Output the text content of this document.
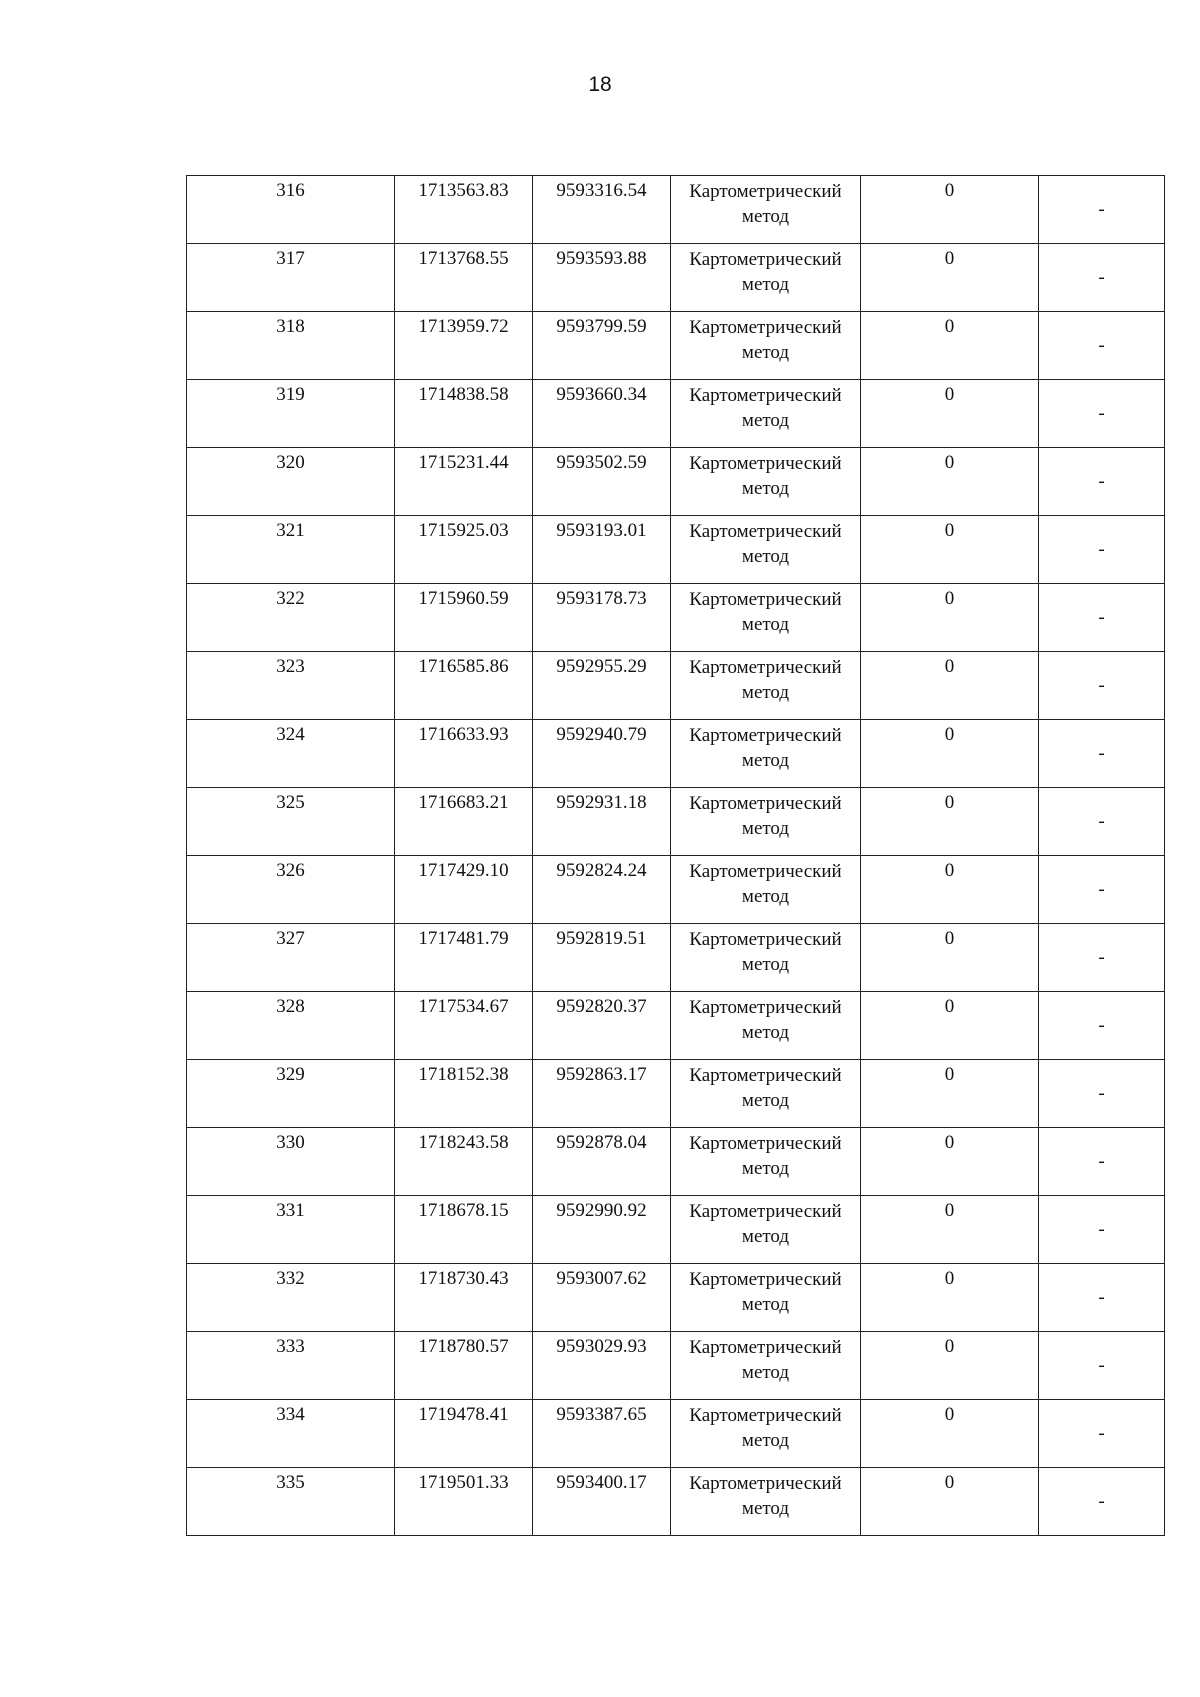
18
316	1713563.83	9593316.54	Картометрический
метод	0	-

317	1713768.55	9593593.88	Картометрический
метод	0	-

318	1713959.72	9593799.59	Картометрический
метод	0	-

319	1714838.58	9593660.34	Картометрический
метод	0	-

320	1715231.44	9593502.59	Картометрический
метод	0	-

321	1715925.03	9593193.01	Картометрический
метод	0	-

322	1715960.59	9593178.73	Картометрический
метод	0	-

323	1716585.86	9592955.29	Картометрический
метод	0	-

324	1716633.93	9592940.79	Картометрический
метод	0	-

325	1716683.21	9592931.18	Картометрический
метод	0	-

326	1717429.10	9592824.24	Картометрический
метод	0	-

327	1717481.79	9592819.51	Картометрический
метод	0	-

328	1717534.67	9592820.37	Картометрический
метод	0	-

329	1718152.38	9592863.17	Картометрический
метод	0	-

330	1718243.58	9592878.04	Картометрический
метод	0	-

331	1718678.15	9592990.92	Картометрический
метод	0	-

332	1718730.43	9593007.62	Картометрический
метод	0	-

333	1718780.57	9593029.93	Картометрический
метод	0	-

334	1719478.41	9593387.65	Картометрический
метод	0	-

335	1719501.33	9593400.17	Картометрический
метод	0	-
